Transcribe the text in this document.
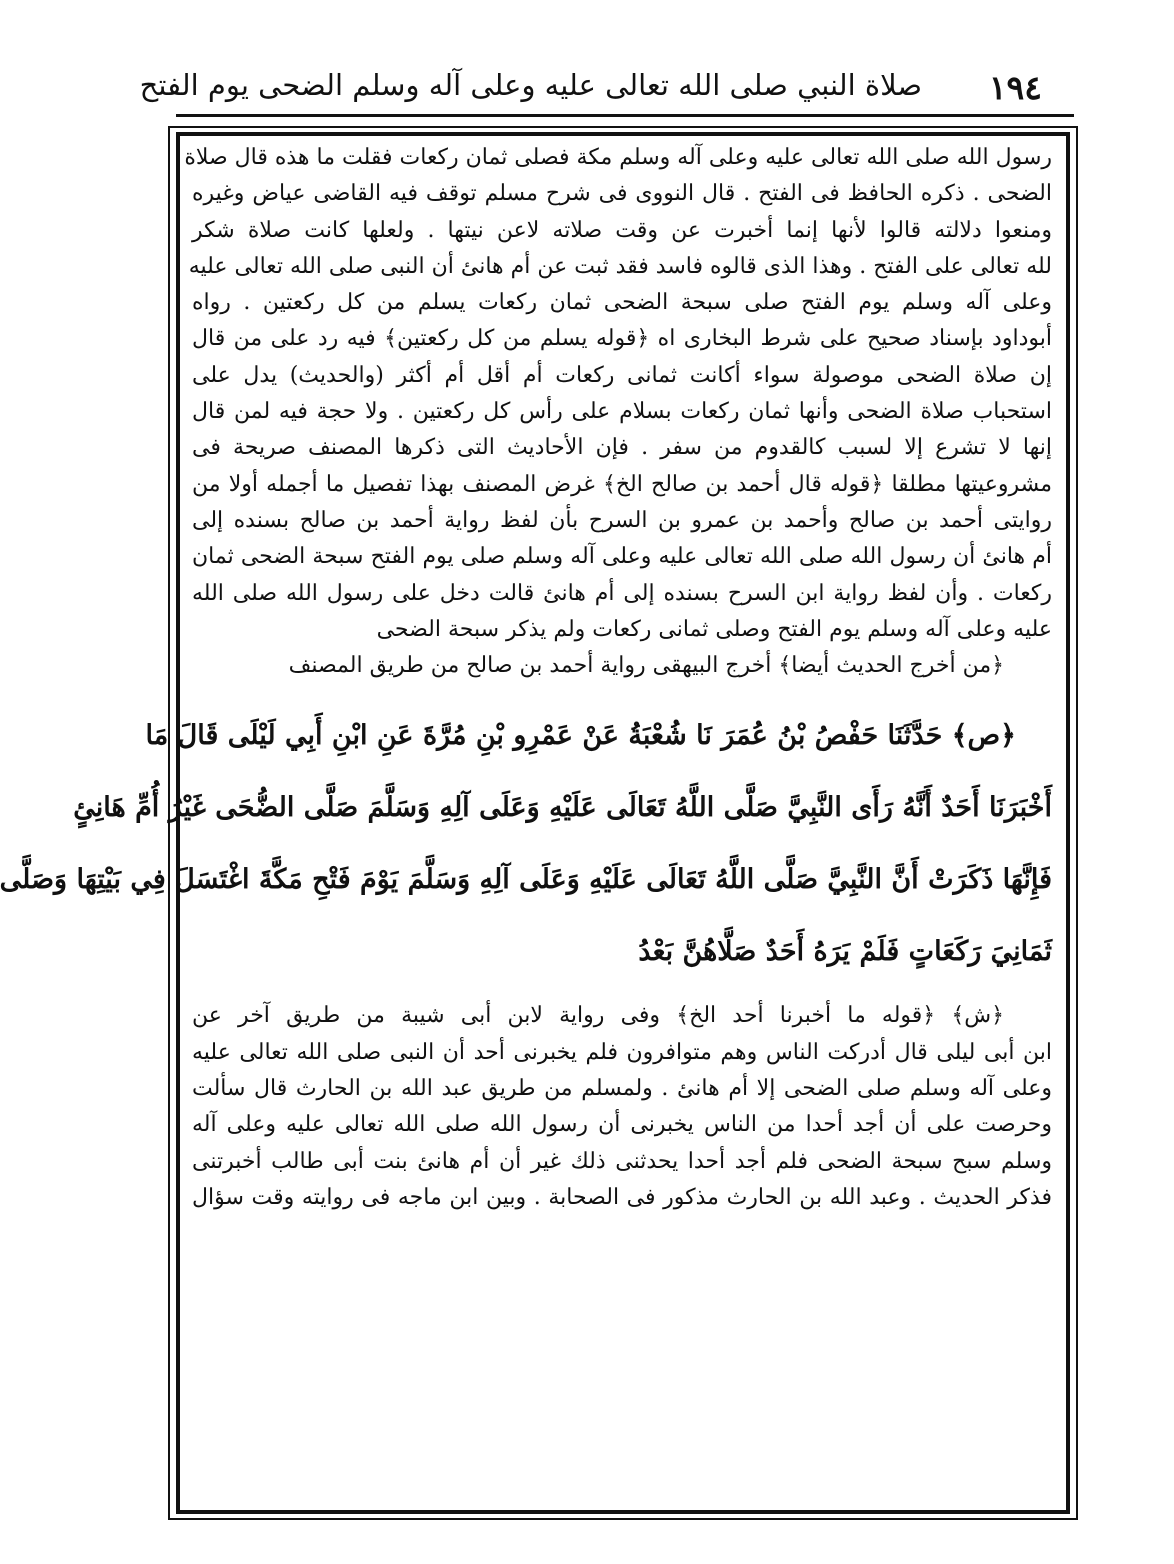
١٩٤
صلاة النبي صلى الله تعالى عليه وعلى آله وسلم الضحى يوم الفتح
رسول الله صلى الله تعالى عليه وعلى آله وسلم مكة فصلى ثمان ركعات فقلت ما هذه قال صلاة
الضحى . ذكره الحافظ فى الفتح . قال النووى فى شرح مسلم توقف فيه القاضى عياض وغيره
ومنعوا دلالته قالوا لأنها إنما أخبرت عن وقت صلاته لاعن نيتها . ولعلها كانت صلاة شكر
لله تعالى على الفتح . وهذا الذى قالوه فاسد فقد ثبت عن أم هانئ أن النبى صلى الله تعالى عليه
وعلى آله وسلم يوم الفتح صلى سبحة الضحى ثمان ركعات يسلم من كل ركعتين . رواه
أبوداود بإسناد صحيح على شرط البخارى اه ﴿قوله يسلم من كل ركعتين﴾ فيه رد على من قال
إن صلاة الضحى موصولة سواء أكانت ثمانى ركعات أم أقل أم أكثر (والحديث) يدل على
استحباب صلاة الضحى وأنها ثمان ركعات بسلام على رأس كل ركعتين . ولا حجة فيه لمن قال
إنها لا تشرع إلا لسبب كالقدوم من سفر . فإن الأحاديث التى ذكرها المصنف صريحة فى
مشروعيتها مطلقا ﴿قوله قال أحمد بن صالح الخ﴾ غرض المصنف بهذا تفصيل ما أجمله أولا من
روايتى أحمد بن صالح وأحمد بن عمرو بن السرح بأن لفظ رواية أحمد بن صالح بسنده إلى
أم هانئ أن رسول الله صلى الله تعالى عليه وعلى آله وسلم صلى يوم الفتح سبحة الضحى ثمان
ركعات . وأن لفظ رواية ابن السرح بسنده إلى أم هانئ قالت دخل على رسول الله صلى الله
عليه وعلى آله وسلم يوم الفتح وصلى ثمانى ركعات ولم يذكر سبحة الضحى
﴿من أخرج الحديث أيضا﴾ أخرج البيهقى رواية أحمد بن صالح من طريق المصنف
﴿ص﴾ حَدَّثَنَا حَفْصُ بْنُ عُمَرَ نَا شُعْبَةُ عَنْ عَمْرِو بْنِ مُرَّةَ عَنِ ابْنِ أَبِي لَيْلَى قَالَ مَا
أَخْبَرَنَا أَحَدٌ أَنَّهُ رَأَى النَّبِيَّ صَلَّى اللَّهُ تَعَالَى عَلَيْهِ وَعَلَى آلِهِ وَسَلَّمَ صَلَّى الضُّحَى غَيْرُ أُمِّ هَانِئٍ
فَإِنَّهَا ذَكَرَتْ أَنَّ النَّبِيَّ صَلَّى اللَّهُ تَعَالَى عَلَيْهِ وَعَلَى آلِهِ وَسَلَّمَ يَوْمَ فَتْحِ مَكَّةَ اغْتَسَلَ فِي بَيْتِهَا وَصَلَّى
ثَمَانِيَ رَكَعَاتٍ فَلَمْ يَرَهُ أَحَدٌ صَلَّاهُنَّ بَعْدُ
﴿ش﴾ ﴿قوله ما أخبرنا أحد الخ﴾ وفى رواية لابن أبى شيبة من طريق آخر عن
ابن أبى ليلى قال أدركت الناس وهم متوافرون فلم يخبرنى أحد أن النبى صلى الله تعالى عليه
وعلى آله وسلم صلى الضحى إلا أم هانئ . ولمسلم من طريق عبد الله بن الحارث قال سألت
وحرصت على أن أجد أحدا من الناس يخبرنى أن رسول الله صلى الله تعالى عليه وعلى آله
وسلم سبح سبحة الضحى فلم أجد أحدا يحدثنى ذلك غير أن أم هانئ بنت أبى طالب أخبرتنى
فذكر الحديث . وعبد الله بن الحارث مذكور فى الصحابة . وبين ابن ماجه فى روايته وقت سؤال
